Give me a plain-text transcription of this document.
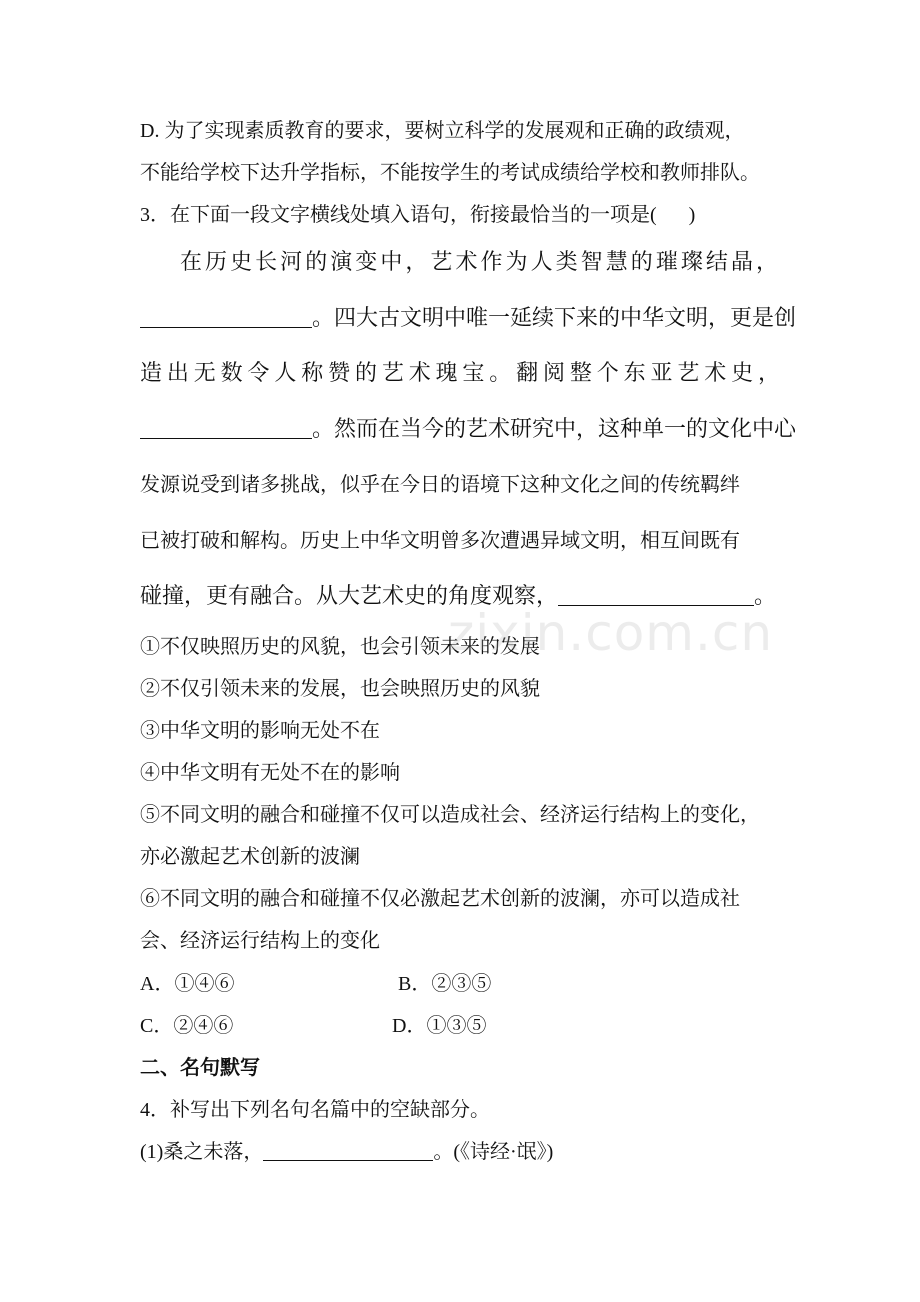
D. 为了实现素质教育的要求，要树立科学的发展观和正确的政绩观，
不能给学校下达升学指标，不能按学生的考试成绩给学校和教师排队。
3．在下面一段文字横线处填入语句，衔接最恰当的一项是( )
在历史长河的演变中，艺术作为人类智慧的璀璨结晶，
。四大古文明中唯一延续下来的中华文明，更是创
造出无数令人称赞的艺术瑰宝。翻阅整个东亚艺术史，
。然而在当今的艺术研究中，这种单一的文化中心
发源说受到诸多挑战，似乎在今日的语境下这种文化之间的传统羁绊
已被打破和解构。历史上中华文明曾多次遭遇异域文明，相互间既有
碰撞，更有融合。从大艺术史的角度观察，	。
①不仅映照历史的风貌，也会引领未来的发展
②不仅引领未来的发展，也会映照历史的风貌
③中华文明的影响无处不在
④中华文明有无处不在的影响
⑤不同文明的融合和碰撞不仅可以造成社会、经济运行结构上的变化，
亦必激起艺术创新的波澜
⑥不同文明的融合和碰撞不仅必激起艺术创新的波澜，亦可以造成社
会、经济运行结构上的变化
A．①④⑥	B．②③⑤
C．②④⑥	D．①③⑤
二、名句默写
4．补写出下列名句名篇中的空缺部分。
(1)桑之未落，	。(《诗经·氓》)
zixin.com.cn
